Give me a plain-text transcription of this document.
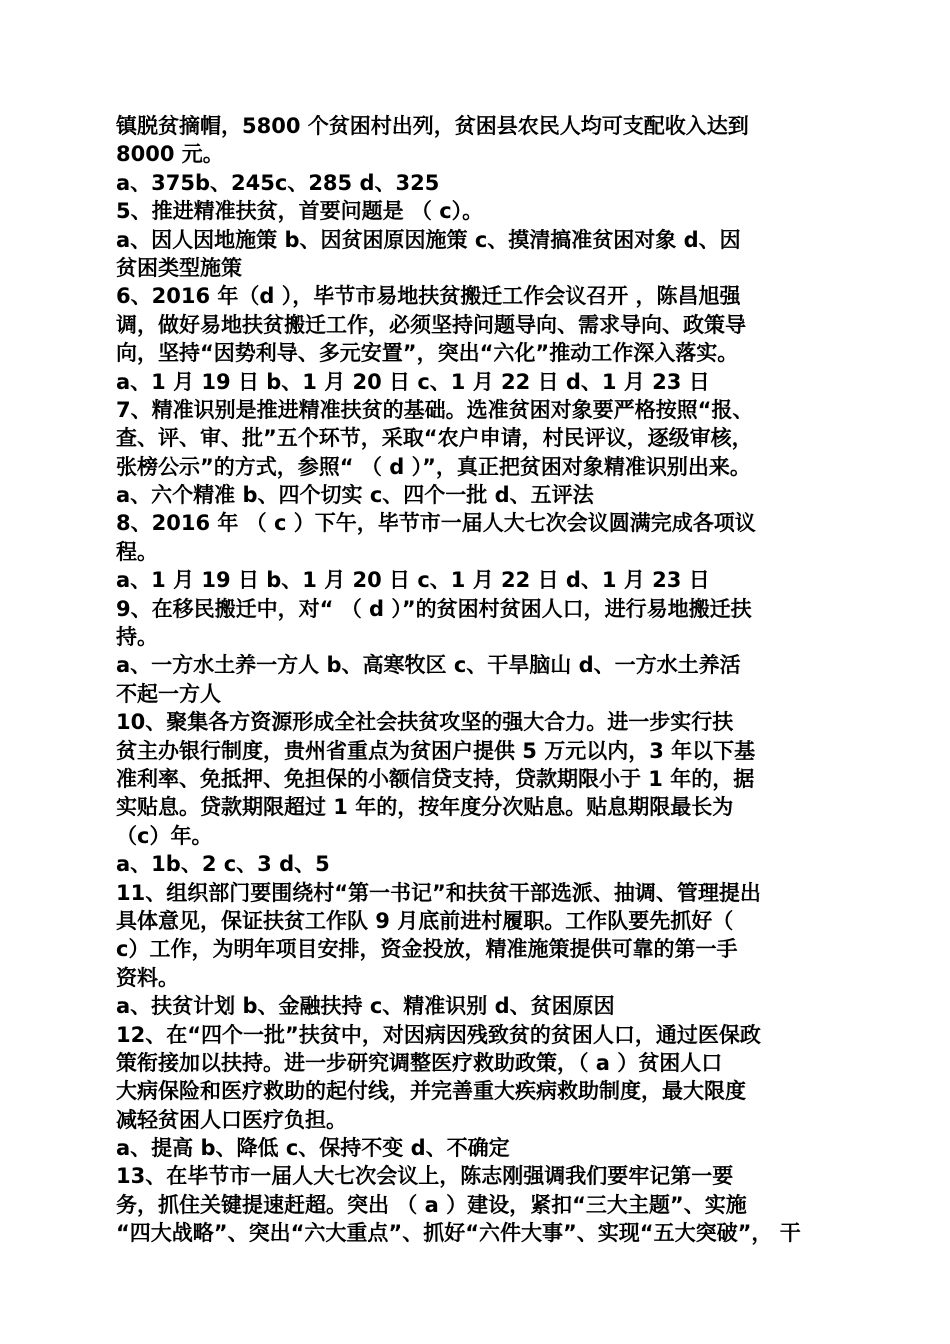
镇脱贫摘帽，5800 个贫困村出列，贫困县农民人均可支配收入达到
8000 元。
a、375b、245c、285 d、325
5、推进精准扶贫，首要问题是 （ c）。
a、因人因地施策 b、因贫困原因施策 c、摸清搞准贫困对象 d、因
贫困类型施策
6、2016 年（d ），毕节市易地扶贫搬迁工作会议召开 ，陈昌旭强
调，做好易地扶贫搬迁工作，必须坚持问题导向、需求导向、政策导
向，坚持“因势利导、多元安置”，突出“六化”推动工作深入落实。
a、1 月 19 日 b、1 月 20 日 c、1 月 22 日 d、1 月 23 日
7、精准识别是推进精准扶贫的基础。选准贫困对象要严格按照“报、
查、评、审、批”五个环节，采取“农户申请，村民评议，逐级审核，
张榜公示”的方式，参照“ （ d ）”，真正把贫困对象精准识别出来。
a、六个精准 b、四个切实 c、四个一批 d、五评法
8、2016 年 （ c ）下午，毕节市一届人大七次会议圆满完成各项议
程。
a、1 月 19 日 b、1 月 20 日 c、1 月 22 日 d、1 月 23 日
9、在移民搬迁中，对“ （ d ）”的贫困村贫困人口，进行易地搬迁扶
持。
a、一方水土养一方人 b、高寒牧区 c、干旱脑山 d、一方水土养活
不起一方人
10、聚集各方资源形成全社会扶贫攻坚的强大合力。进一步实行扶
贫主办银行制度，贵州省重点为贫困户提供 5 万元以内，3 年以下基
准利率、免抵押、免担保的小额信贷支持，贷款期限小于 1 年的，据
实贴息。贷款期限超过 1 年的，按年度分次贴息。贴息期限最长为
（c）年。
a、1b、2 c、3 d、5
11、组织部门要围绕村“第一书记”和扶贫干部选派、抽调、管理提出
具体意见，保证扶贫工作队 9 月底前进村履职。工作队要先抓好（
c）工作，为明年项目安排，资金投放，精准施策提供可靠的第一手
资料。
a、扶贫计划 b、金融扶持 c、精准识别 d、贫困原因
12、在“四个一批”扶贫中，对因病因残致贫的贫困人口，通过医保政
策衔接加以扶持。进一步研究调整医疗救助政策，（ a ）贫困人口
大病保险和医疗救助的起付线，并完善重大疾病救助制度，最大限度
减轻贫困人口医疗负担。
a、提高 b、降低 c、保持不变 d、不确定
13、在毕节市一届人大七次会议上，陈志刚强调我们要牢记第一要
务，抓住关键提速赶超。突出 （ a ）建设，紧扣“三大主题”、实施
“四大战略”、突出“六大重点”、抓好“六件大事”、实现“五大突破”， 干
